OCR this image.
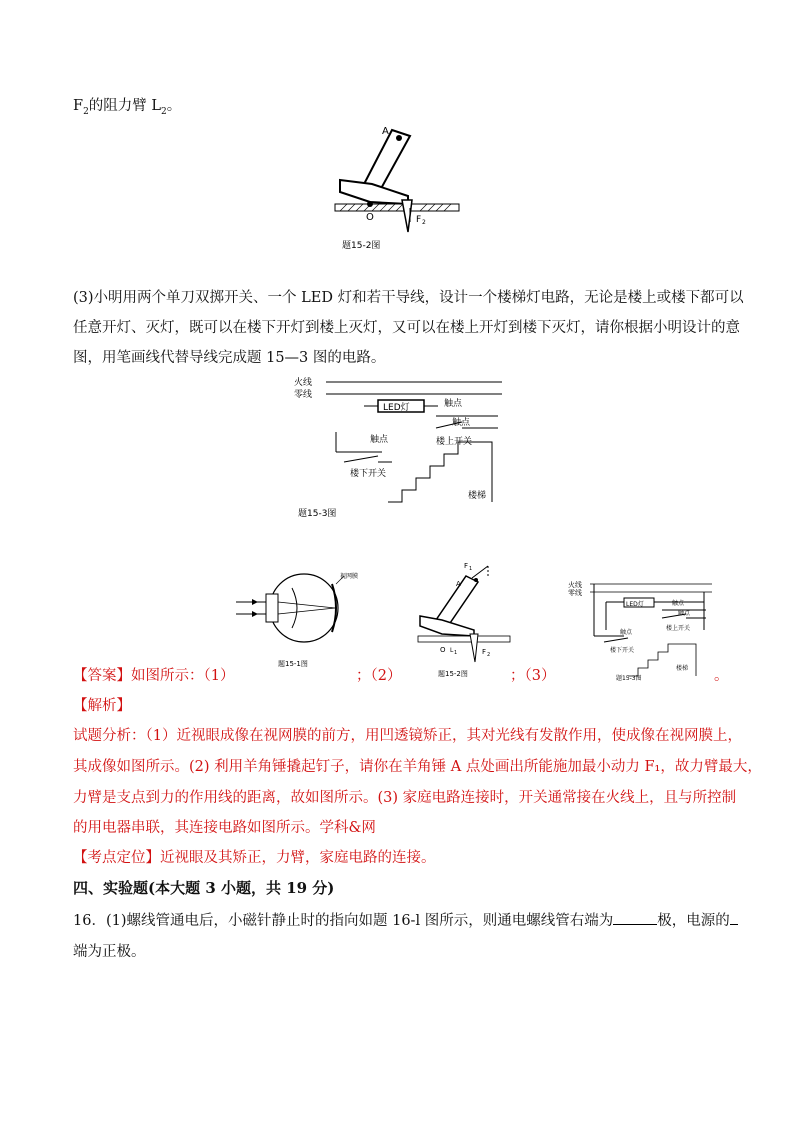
$F_2$的阻力臂 $L_2$。
A
O	F 2
题15-2图
(3)小明用两个单刀双掷开关、一个 LED 灯和若干导线，设计一个楼梯灯电路，无论是楼上或楼下都可以
任意开灯、灭灯，既可以在楼下开灯到楼上灭灯，又可以在楼上开灯到楼下灭灯，请你根据小明设计的意
图，用笔画线代替导线完成题 15—3 图的电路。
火线
零线
LED灯	触点
触点
楼上开关
触点
楼下开关
楼梯
题15-3图
视网膜
题15-1图
F 1
A
O L 1	F 2
题15-2图
火线
零线
LED灯	触点
触点
楼上开关
触点
楼下开关
楼梯
题15-3图
【答案】如图所示：（1）	；（2）	；（3）	。
【解析】
试题分析：（1）近视眼成像在视网膜的前方，用凹透镜矫正，其对光线有发散作用，使成像在视网膜上，
其成像如图所示。(2) 利用羊角锤撬起钉子，请你在羊角锤 A 点处画出所能施加最小动力 F₁，故力臂最大，
力臂是支点到力的作用线的距离，故如图所示。(3) 家庭电路连接时，开关通常接在火线上，且与所控制
的用电器串联，其连接电路如图所示。学科&网
【考点定位】近视眼及其矫正，力臂，家庭电路的连接。
四、实验题(本大题 3 小题，共 19 分)
16．(1)螺线管通电后，小磁针静止时的指向如题 16-l 图所示，则通电螺线管右端为	极，电源的
端为正极。
